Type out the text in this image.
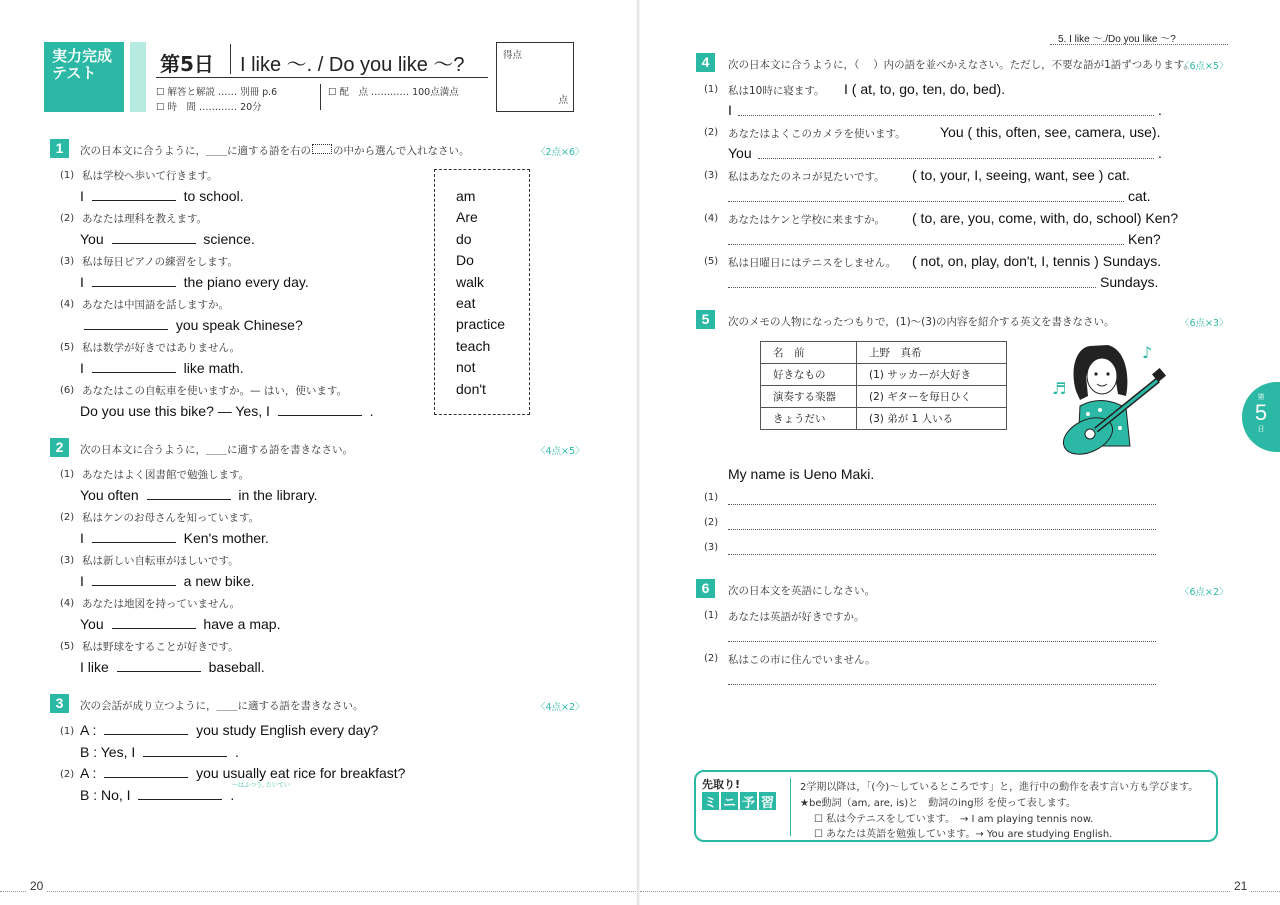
実力完成
テスト	第5日 I like ～. / Do you like ～?
☐ 解答と解説 …… 別冊 p.6
☐ 時　間 ………… 20分
☐ 配　点 ………… 100点満点
得点
点
1	次の日本文に合うように，＿＿に適する語を右の の中から選んで入れなさい。	〈2点×6〉
(1) 私は学校へ歩いて行きます。
I	to school.
(2) あなたは理科を教えます。
You	science.
(3) 私は毎日ピアノの練習をします。
I	the piano every day.
(4) あなたは中国語を話しますか。
you speak Chinese?
(5) 私は数学が好きではありません。
I	like math.
(6) あなたはこの自転車を使いますか。— はい，使います。
Do you use this bike? — Yes, I	.
am
Are
do
Do
walk
eat
practice
teach
not
don't
2	次の日本文に合うように，＿＿に適する語を書きなさい。	〈4点×5〉
(1) あなたはよく図書館で勉強します。
You often	in the library.
(2) 私はケンのお母さんを知っています。
I	Ken's mother.
(3) 私は新しい自転車がほしいです。
I	a new bike.
(4) あなたは地図を持っていません。
You	have a map.
(5) 私は野球をすることが好きです。
I like	baseball.
3	次の会話が成り立つように，＿＿に適する語を書きなさい。	〈4点×2〉
(1) A :	you study English every day?
B : Yes, I	.
(2) A :	you usually eat rice for breakfast?
B : No, I	.
〜はふつう, たいてい
20
5. I like ～./Do you like ～?
4	次の日本文に合うように，（　 ）内の語を並べかえなさい。ただし，不要な語が1語ずつあります。
〈6点×5〉
(1) 私は10時に寝ます。 I ( at, to, go, ten, do, bed).
I	.
(2) あなたはよくこのカメラを使います。 You ( this, often, see, camera, use).
You	.
(3) 私はあなたのネコが見たいです。 ( to, your, I, seeing, want, see ) cat.
cat.
(4) あなたはケンと学校に来ますか。 ( to, are, you, come, with, do, school) Ken?
Ken?
(5) 私は日曜日にはテニスをしません。 ( not, on, play, don't, I, tennis ) Sundays.
Sundays.
5	次のメモの人物になったつもりで，(1)〜(3)の内容を紹介する英文を書きなさい。	〈6点×3〉
名　前	上野　真希
好きなもの	(1) サッカーが大好き
演奏する楽器	(2) ギターを毎日ひく
きょうだい	(3) 弟が 1 人いる
♪
♬
My name is Ueno Maki.
(1)
(2)
(3)
6	次の日本文を英語にしなさい。	〈6点×2〉
(1) あなたは英語が好きですか。
(2) 私はこの市に住んでいません。
第
5
日
先取り!
ミ ニ 予 習
2学期以降は，「(今)〜しているところです」と，進行中の動作を表す言い方も学びます。
★be動詞（am, are, is)と　動詞のing形 を使って表します。
☐ 私は今テニスをしています。　→ I am playing tennis now.
☐ あなたは英語を勉強しています。→ You are studying English.
21
